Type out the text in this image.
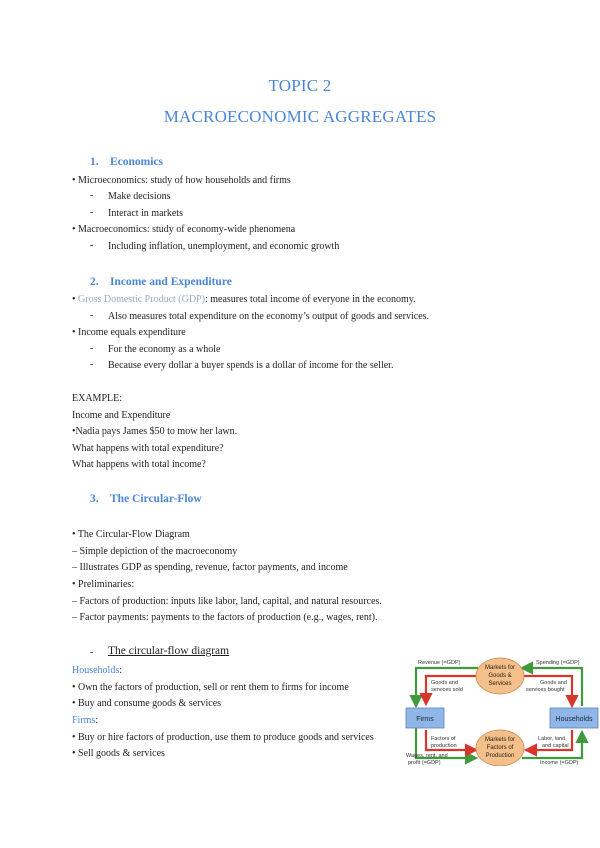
TOPIC 2
MACROECONOMIC AGGREGATES
1. Economics
• Microeconomics: study of how households and firms
- Make decisions
- Interact in markets
• Macroeconomics: study of economy-wide phenomena
- Including inflation, unemployment, and economic growth
2. Income and Expenditure
• Gross Domestic Product (GDP): measures total income of everyone in the economy.
- Also measures total expenditure on the economy’s output of goods and services.
• Income equals expenditure
- For the economy as a whole
- Because every dollar a buyer spends is a dollar of income for the seller.
EXAMPLE:
Income and Expenditure
•Nadia pays James $50 to mow her lawn.
What happens with total expenditure?
What happens with total income?
3. The Circular-Flow
• The Circular-Flow Diagram
– Simple depiction of the macroeconomy
– Illustrates GDP as spending, revenue, factor payments, and income
• Preliminaries:
– Factors of production: inputs like labor, land, capital, and natural resources.
– Factor payments: payments to the factors of production (e.g., wages, rent).
- The circular-flow diagram
Households:
• Own the factors of production, sell or rent them to firms for income
• Buy and consume goods & services
Firms:
• Buy or hire factors of production, use them to produce goods and services
• Sell goods & services
Firms	Households
Markets for
Goods &
Services
Markets for
Factors of
Production
Revenue (=GDP)	Spending (=GDP)
Goods and
services sold
Goods and
services bought
Factors of
production
Labor, land,
and capital
Wages, rent, and
profit (=GDP)	Income (=GDP)
